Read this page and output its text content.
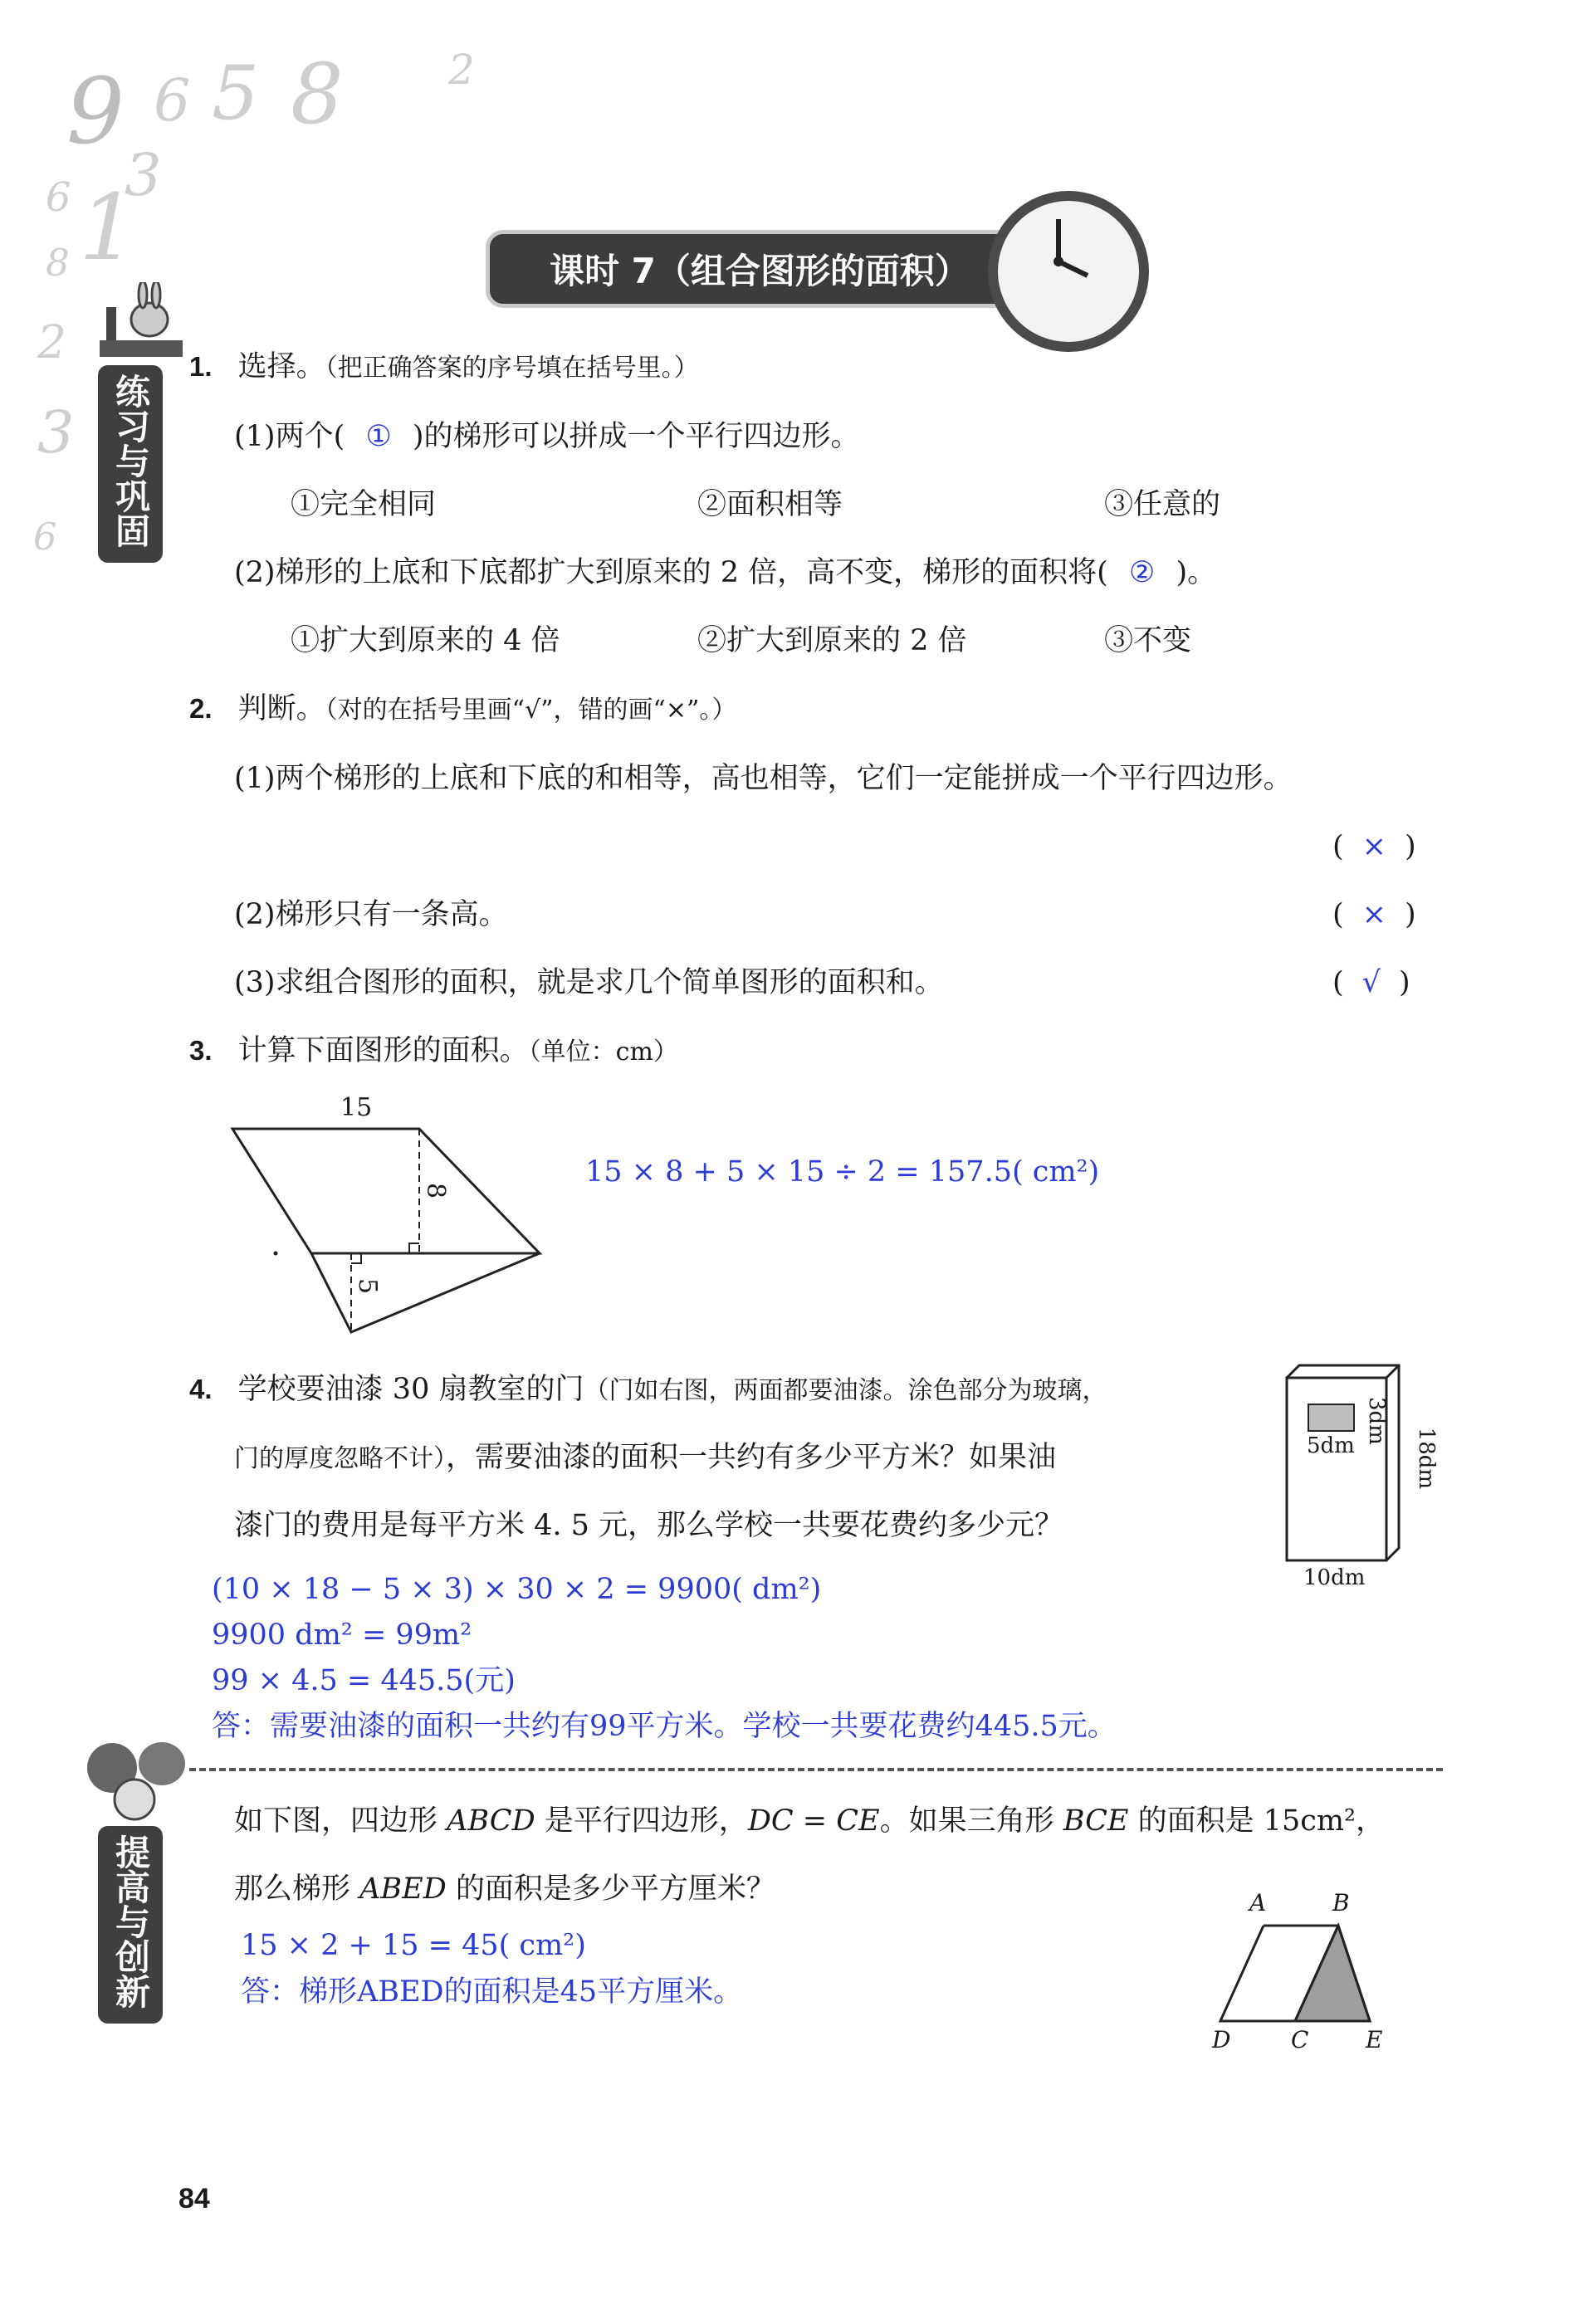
9 6 5 8	2
3
1
6
8
2
3
6
课时 7（组合图形的面积）
练习与巩固
1. 选择。（把正确答案的序号填在括号里。）
(1)两个( ① )的梯形可以拼成一个平行四边形。
①完全相同	②面积相等	③任意的
(2)梯形的上底和下底都扩大到原来的 2 倍，高不变，梯形的面积将( ② )。
①扩大到原来的 4 倍	②扩大到原来的 2 倍	③不变
2. 判断。（对的在括号里画“√”，错的画“×”。）
(1)两个梯形的上底和下底的和相等，高也相等，它们一定能拼成一个平行四边形。
( × )
(2)梯形只有一条高。	( × )
(3)求组合图形的面积，就是求几个简单图形的面积和。	( √ )
3. 计算下面图形的面积。（单位：cm）
15
8
5
15 × 8 + 5 × 15 ÷ 2 = 157.5( cm²)
4. 学校要油漆 30 扇教室的门（门如右图，两面都要油漆。涂色部分为玻璃，
门的厚度忽略不计），需要油漆的面积一共约有多少平方米？如果油
漆门的费用是每平方米 4. 5 元，那么学校一共要花费约多少元？
5dm
3dm
18dm
10dm
(10 × 18 − 5 × 3) × 30 × 2 = 9900( dm²)
9900 dm² = 99m²
99 × 4.5 = 445.5(元)
答：需要油漆的面积一共约有99平方米。学校一共要花费约445.5元。
提高与创新
如下图，四边形 ABCD 是平行四边形，DC = CE。如果三角形 BCE 的面积是 15cm²，
那么梯形 ABED 的面积是多少平方厘米？
15 × 2 + 15 = 45( cm²)
答：梯形ABED的面积是45平方厘米。
A	B
D	C E
84
